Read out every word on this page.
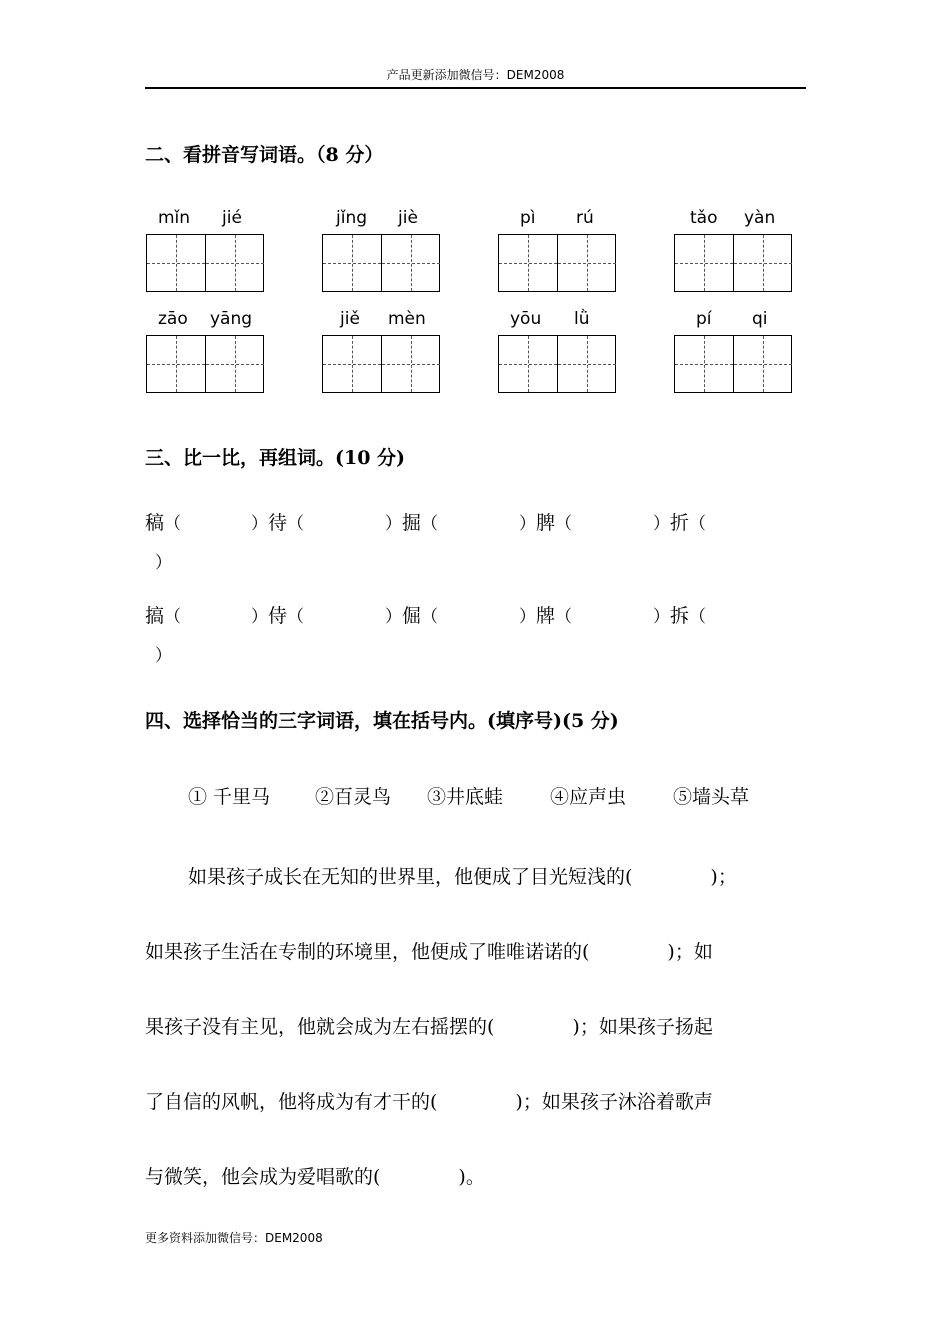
产品更新添加微信号：DEM2008
二、看拼音写词语。（8 分）
mǐn jié	jǐng jiè	pì rú	tǎo yàn
zāo yāng	jiě mèn	yōu lǜ	pí qi
三、比一比，再组词。(10 分)
稿（	）待（	）掘（	）脾（	）折（
）
搞（	）侍（	）倔（	）牌（	）拆（
）
四、选择恰当的三字词语，填在括号内。(填序号)(5 分)
① 千里马 ②百灵鸟 ③井底蛙 ④应声虫 ⑤墙头草
如果孩子成长在无知的世界里，他便成了目光短浅的(	)；
如果孩子生活在专制的环境里，他便成了唯唯诺诺的(	)；如
果孩子没有主见，他就会成为左右摇摆的(	)；如果孩子扬起
了自信的风帆，他将成为有才干的(	)；如果孩子沐浴着歌声
与微笑，他会成为爱唱歌的(	)。
更多资料添加微信号：DEM2008
